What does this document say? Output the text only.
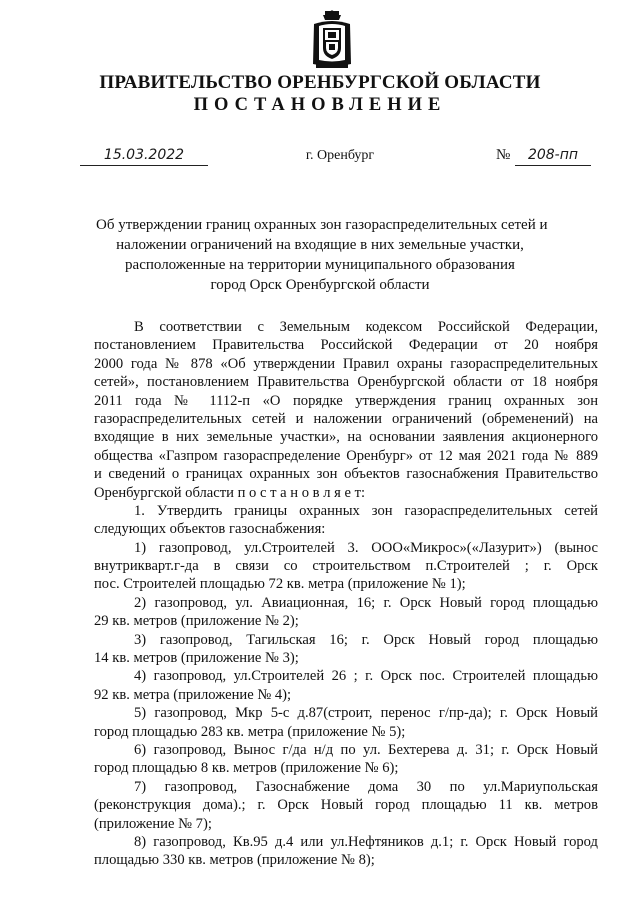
ПРАВИТЕЛЬСТВО ОРЕНБУРГСКОЙ ОБЛАСТИ
ПОСТАНОВЛЕНИЕ
15.03.2022	г. Оренбург	№	208-пп
Об утверждении границ охранных зон газораспределительных сетей и
наложении ограничений на входящие в них земельные участки,
расположенные на территории муниципального образования
город Орск Оренбургской области
В соответствии с Земельным кодексом Российской Федерации,
постановлением Правительства Российской Федерации от 20 ноября
2000 года № 878 «Об утверждении Правил охраны газораспределительных
сетей», постановлением Правительства Оренбургской области от 18 ноября
2011 года № 1112-п «О порядке утверждения границ охранных зон
газораспределительных сетей и наложении ограничений (обременений) на
входящие в них земельные участки», на основании заявления акционерного
общества «Газпром газораспределение Оренбург» от 12 мая 2021 года № 889
и сведений о границах охранных зон объектов газоснабжения Правительство
Оренбургской области п о с т а н о в л я е т:
1. Утвердить границы охранных зон газораспределительных сетей
следующих объектов газоснабжения:
1) газопровод, ул.Строителей 3. ООО«Микрос»(«Лазурит») (вынос
внутрикварт.г-да в связи со строительством п.Строителей ; г. Орск
пос. Строителей площадью 72 кв. метра (приложение № 1);
2) газопровод, ул. Авиационная, 16; г. Орск Новый город площадью
29 кв. метров (приложение № 2);
3) газопровод, Тагильская 16; г. Орск Новый город площадью
14 кв. метров (приложение № 3);
4) газопровод, ул.Строителей 26 ; г. Орск пос. Строителей площадью
92 кв. метра (приложение № 4);
5) газопровод, Мкр 5-с д.87(строит, перенос г/пр-да); г. Орск Новый
город площадью 283 кв. метра (приложение № 5);
6) газопровод, Вынос г/да н/д по ул. Бехтерева д. 31; г. Орск Новый
город площадью 8 кв. метров (приложение № 6);
7) газопровод, Газоснабжение дома 30 по ул.Мариупольская
(реконструкция дома).; г. Орск Новый город площадью 11 кв. метров
(приложение № 7);
8) газопровод, Кв.95 д.4 или ул.Нефтяников д.1; г. Орск Новый город
площадью 330 кв. метров (приложение № 8);
